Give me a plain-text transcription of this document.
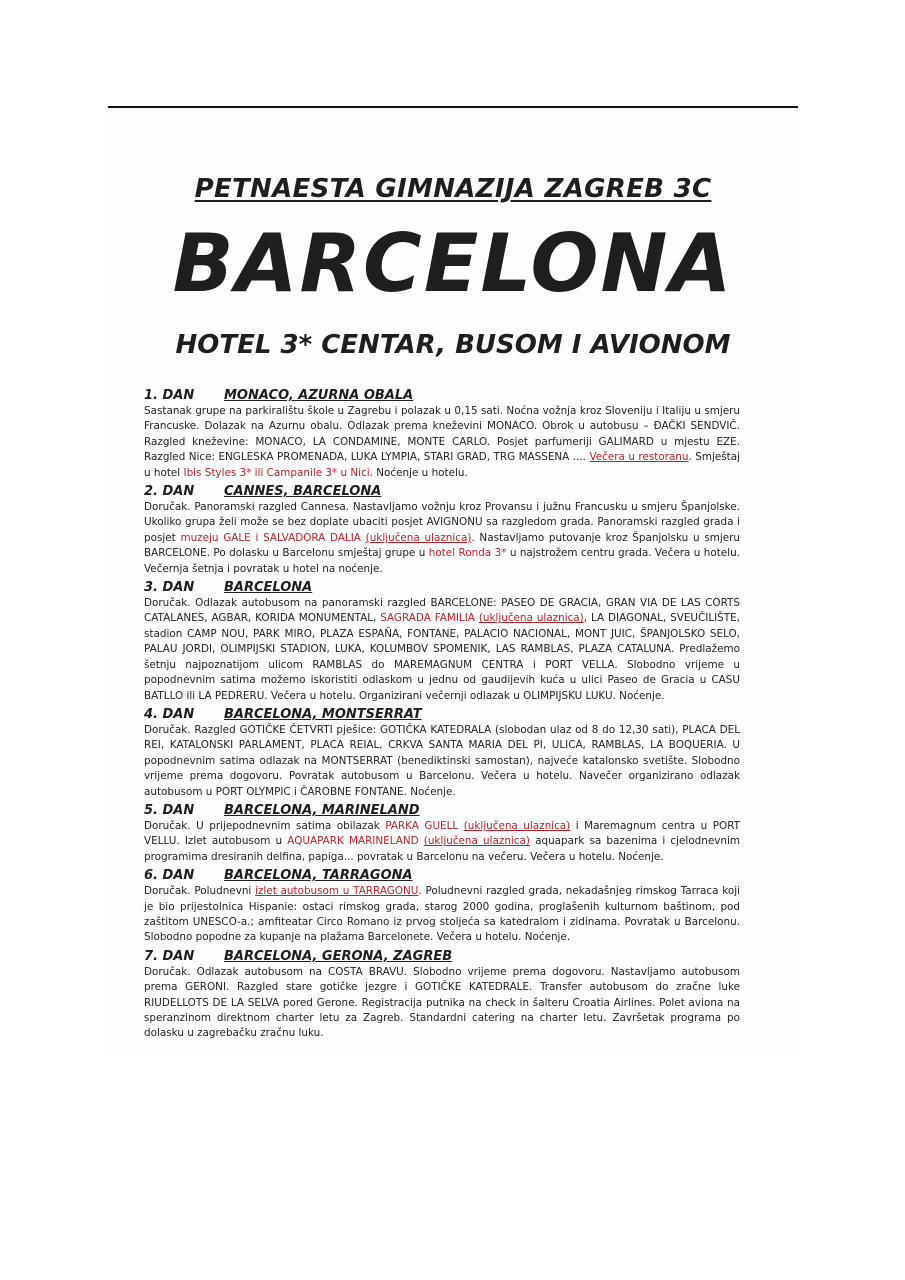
PETNAESTA GIMNAZIJA ZAGREB 3C
BARCELONA
HOTEL 3* CENTAR, BUSOM I AVIONOM
1. DAN MONACO, AZURNA OBALA
Sastanak grupe na parkiralištu škole u Zagrebu i polazak u 0,15 sati. Noćna vožnja kroz Sloveniju i Italiju u smjeru Francuske. Dolazak na Azurnu obalu. Odlazak prema kneževini MONACO. Obrok u autobusu – ĐAČKI SENDVIČ. Razgled kneževine: MONACO, LA CONDAMINE, MONTE CARLO. Posjet parfumeriji GALIMARD u mjestu EZE. Razgled Nice: ENGLESKA PROMENADA, LUKA LYMPIA, STARI GRAD, TRG MASSENA .... Večera u restoranu. Smještaj u hotel Ibis Styles 3* ili Campanile 3* u Nici. Noćenje u hotelu.
2. DAN CANNES, BARCELONA
Doručak. Panoramski razgled Cannesa. Nastavljamo vožnju kroz Provansu i južnu Francusku u smjeru Španjolske. Ukoliko grupa želi može se bez doplate ubaciti posjet AVIGNONU sa razgledom grada. Panoramski razgled grada i posjet muzeju GALE i SALVADORA DALIA (uključena ulaznica). Nastavljamo putovanje kroz Španjolsku u smjeru BARCELONE. Po dolasku u Barcelonu smještaj grupe u hotel Ronda 3* u najstrožem centru grada. Večera u hotelu. Večernja šetnja i povratak u hotel na noćenje.
3. DAN BARCELONA
Doručak. Odlazak autobusom na panoramski razgled BARCELONE: PASEO DE GRACIA, GRAN VIA DE LAS CORTS CATALANES, AGBAR, KORIDA MONUMENTAL, SAGRADA FAMILIA (uključena ulaznica), LA DIAGONAL, SVEUČILIŠTE, stadion CAMP NOU, PARK MIRO, PLAZA ESPAÑA, FONTANE, PALACIO NACIONAL, MONT JUIC, ŠPANJOLSKO SELO, PALAU JORDI, OLIMPIJSKI STADION, LUKA, KOLUMBOV SPOMENIK, LAS RAMBLAS, PLAZA CATALUNA. Predlažemo šetnju najpoznatijom ulicom RAMBLAS do MAREMAGNUM CENTRA i PORT VELLA. Slobodno vrijeme u popodnevnim satima možemo iskoristiti odlaskom u jednu od gaudijevih kuća u ulici Paseo de Gracia u CASU BATLLO ili LA PEDRERU. Večera u hotelu. Organizirani večernji odlazak u OLIMPIJSKU LUKU. Noćenje.
4. DAN BARCELONA, MONTSERRAT
Doručak. Razgled GOTIČKE ČETVRTI pješice: GOTIČKA KATEDRALA (slobodan ulaz od 8 do 12,30 sati), PLACA DEL REI, KATALONSKI PARLAMENT, PLACA REIAL, CRKVA SANTA MARIA DEL PI, ULICA, RAMBLAS, LA BOQUERIA. U popodnevnim satima odlazak na MONTSERRAT (benediktinski samostan), najveće katalonsko svetište. Slobodno vrijeme prema dogovoru. Povratak autobusom u Barcelonu. Večera u hotelu. Navečer organizirano odlazak autobusom u PORT OLYMPIC i ČAROBNE FONTANE. Noćenje.
5. DAN BARCELONA, MARINELAND
Doručak. U prijepodnevnim satima obilazak PARKA GUELL (uključena ulaznica) i Maremagnum centra u PORT VELLU. Izlet autobusom u AQUAPARK MARINELAND (uključena ulaznica) aquapark sa bazenima i cjelodnevnim programima dresiranih delfina, papiga... povratak u Barcelonu na večeru. Večera u hotelu. Noćenje.
6. DAN BARCELONA, TARRAGONA
Doručak. Poludnevni izlet autobusom u TARRAGONU. Poludnevni razgled grada, nekadašnjeg rimskog Tarraca koji je bio prijestolnica Hispanie: ostaci rimskog grada, starog 2000 godina, proglašenih kulturnom baštinom, pod zaštitom UNESCO-a.; amfiteatar Circo Romano iz prvog stoljeća sa katedralom i zidinama. Povratak u Barcelonu. Slobodno popodne za kupanje na plažama Barcelonete. Večera u hotelu. Noćenje.
7. DAN BARCELONA, GERONA, ZAGREB
Doručak. Odlazak autobusom na COSTA BRAVU. Slobodno vrijeme prema dogovoru. Nastavljamo autobusom prema GERONI. Razgled stare gotičke jezgre i GOTIČKE KATEDRALE. Transfer autobusom do zračne luke RIUDELLOTS DE LA SELVA pored Gerone. Registracija putnika na check in šalteru Croatia Airlines. Polet aviona na speranzinom direktnom charter letu za Zagreb. Standardni catering na charter letu. Završetak programa po dolasku u zagrebačku zračnu luku.
